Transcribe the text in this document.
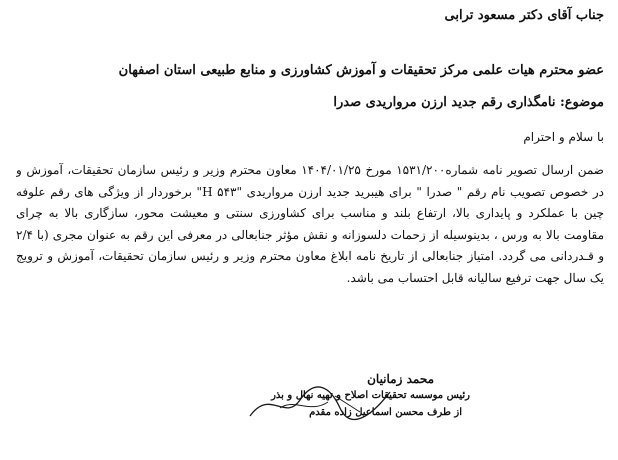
جناب آقای دکتر مسعود ترابی
عضو محترم هیات علمی مرکز تحقیقات و آموزش کشاورزی و منابع طبیعی استان اصفهان
موضوع: نامگذاری رقم جدید ارزن مرواریدی صدرا
با سلام و احترام
ضمن ارسال تصویر نامه شماره۱۵۳۱/۲۰۰ مورخ ۱۴۰۴/۰۱/۲۵ معاون محترم وزیر و رئیس سازمان تحقیقات، آموزش و
در خصوص تصویب نام رقم " صدرا " برای هیبرید جدید ارزن مرواریدی "H ۵۴۳" برخوردار از ویژگی های رقم علوفه
چین با عملکرد و پایداری بالا، ارتفاع بلند و مناسب برای کشاورزی سنتی و معیشت محور، سازگاری بالا به چرای
مقاومت بالا به ورس ، بدینوسیله از زحمات دلسوزانه و نقش مؤثر جنابعالی در معرفی این رقم به عنوان مجری (با ۲/۴
و قـدردانی می گردد. امتیاز جنابعالی از تاریخ نامه ابلاغ معاون محترم وزیر و رئیس سازمان تحقیقات، آموزش و ترویج
یک سال جهت ترفیع سالیانه قابل احتساب می باشد.
محمد زمانیان
رئیس موسسه تحقیقات اصلاح و تهیه نهال و بذر
از طرف محسن اسماعیل زاده مقدم
